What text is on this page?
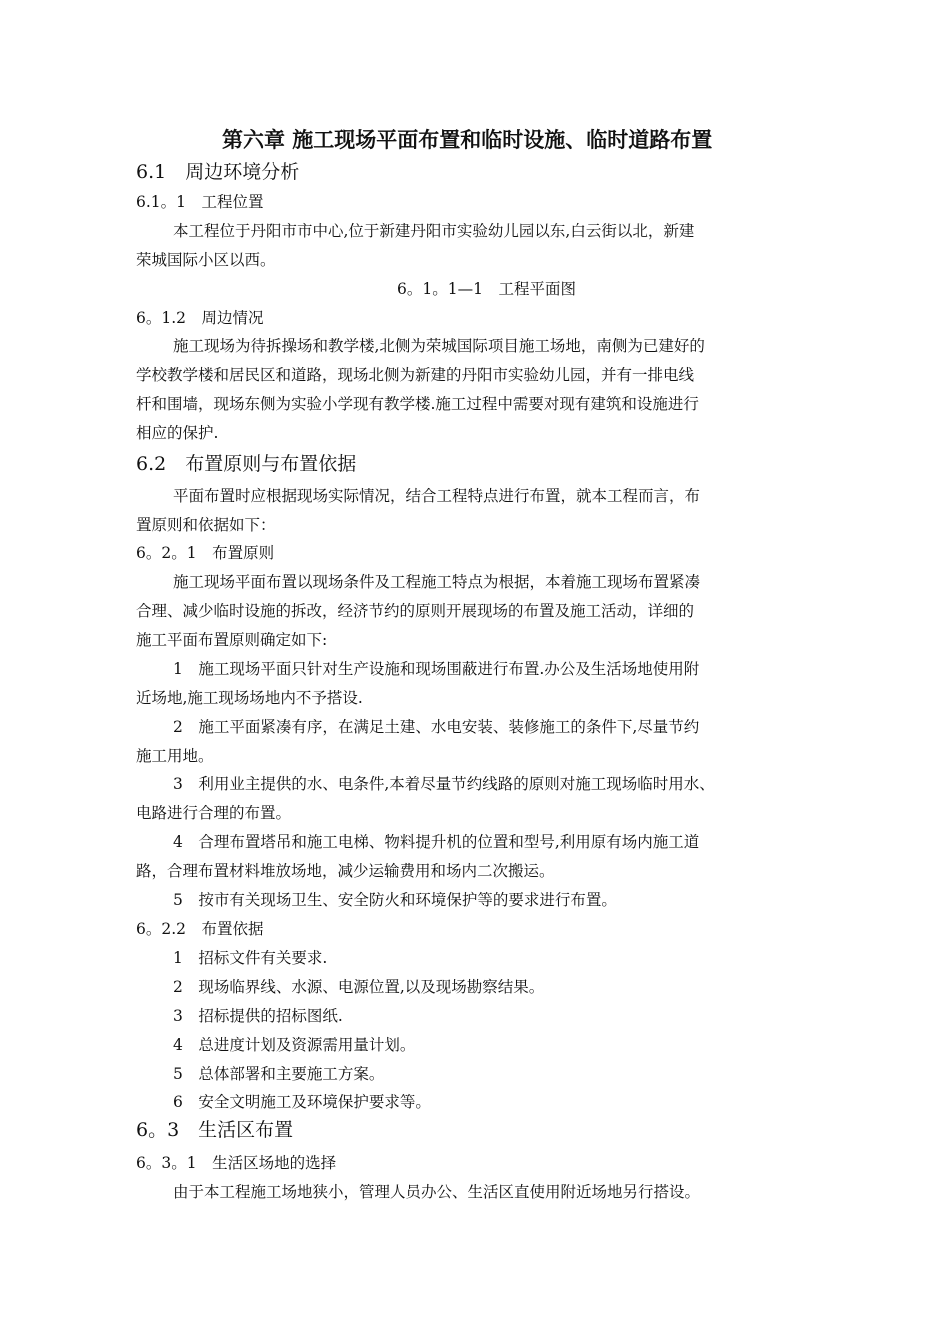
第六章 施工现场平面布置和临时设施、临时道路布置
6.1　周边环境分析
6.1。1　工程位置
本工程位于丹阳市市中心,位于新建丹阳市实验幼儿园以东,白云街以北，新建
荣城国际小区以西。
6。1。1—1　工程平面图
6。1.2　周边情况
施工现场为待拆操场和教学楼,北侧为荣城国际项目施工场地，南侧为已建好的
学校教学楼和居民区和道路，现场北侧为新建的丹阳市实验幼儿园，并有一排电线
杆和围墙，现场东侧为实验小学现有教学楼.施工过程中需要对现有建筑和设施进行
相应的保护.
6.2　布置原则与布置依据
平面布置时应根据现场实际情况，结合工程特点进行布置，就本工程而言，布
置原则和依据如下：
6。2。1　布置原则
施工现场平面布置以现场条件及工程施工特点为根据，本着施工现场布置紧凑
合理、减少临时设施的拆改，经济节约的原则开展现场的布置及施工活动，详细的
施工平面布置原则确定如下:
1　施工现场平面只针对生产设施和现场围蔽进行布置.办公及生活场地使用附
近场地,施工现场场地内不予搭设.
2　施工平面紧凑有序，在满足土建、水电安装、装修施工的条件下,尽量节约
施工用地。
3　利用业主提供的水、电条件,本着尽量节约线路的原则对施工现场临时用水、
电路进行合理的布置。
4　合理布置塔吊和施工电梯、物料提升机的位置和型号,利用原有场内施工道
路，合理布置材料堆放场地，减少运输费用和场内二次搬运。
5　按市有关现场卫生、安全防火和环境保护等的要求进行布置。
6。2.2　布置依据
1　招标文件有关要求.
2　现场临界线、水源、电源位置,以及现场勘察结果。
3　招标提供的招标图纸.
4　总进度计划及资源需用量计划。
5　总体部署和主要施工方案。
6　安全文明施工及环境保护要求等。
6。3　生活区布置
6。3。1　生活区场地的选择
由于本工程施工场地狭小，管理人员办公、生活区直使用附近场地另行搭设。
